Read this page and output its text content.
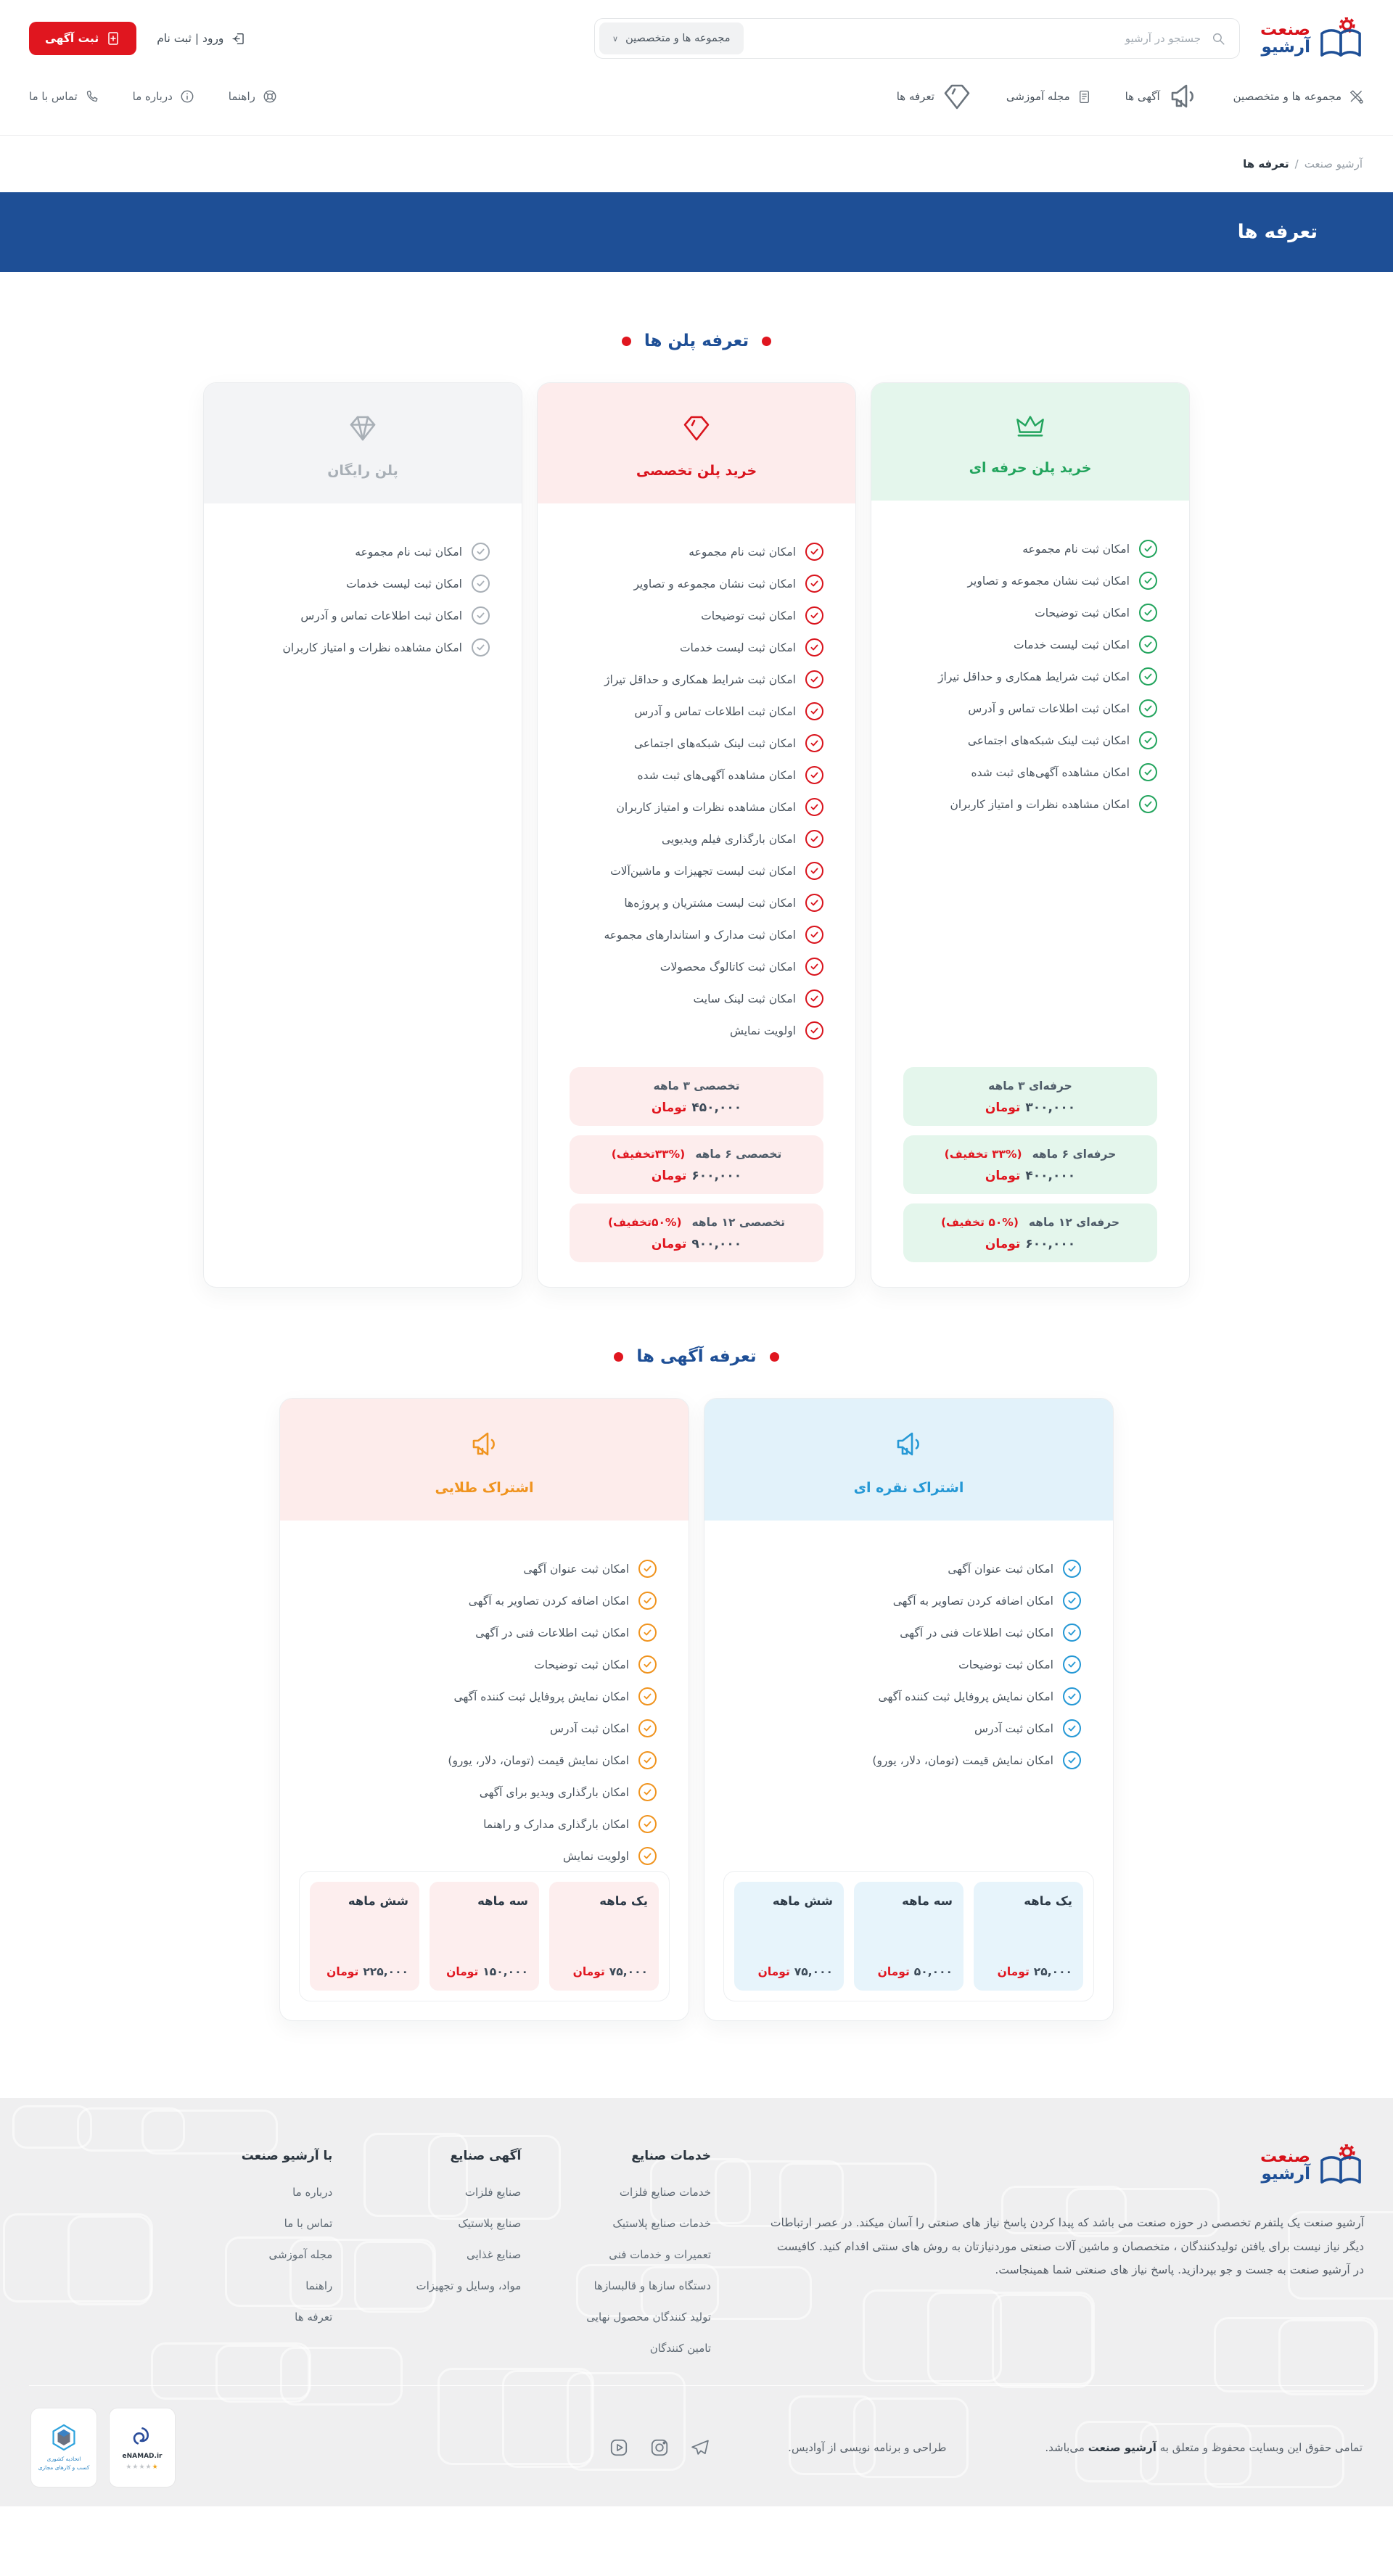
صنعت
آرشیو
جستجو در آرشیو
مجموعه ها و متخصصین
∨
ورود | ثبت نام
ثبت آگهی
مجموعه ها و متخصصین
آگهی ها
مجله آموزشی
تعرفه ها
راهنما
درباره ما
تماس با ما
آرشیو صنعت
/
تعرفه ها
تعرفه ها
تعرفه پلن ها
خرید پلن حرفه ای
امکان ثبت نام مجموعه
امکان ثبت نشان مجموعه و تصاویر
امکان ثبت توضیحات
امکان ثبت لیست خدمات
امکان ثبت شرایط همکاری و حداقل تیراژ
امکان ثبت اطلاعات تماس و آدرس
امکان ثبت لینک شبکه‌های اجتماعی
امکان مشاهده آگهی‌های ثبت شده
امکان مشاهده نظرات و امتیاز کاربران
حرفه‌ای ۳ ماهه
۳۰۰,۰۰۰
تومان
حرفه‌ای ۶ ماهه
(۳۳% تخفیف)
۴۰۰,۰۰۰
تومان
حرفه‌ای ۱۲ ماهه
(۵۰% تخفیف)
۶۰۰,۰۰۰
تومان
خرید پلن تخصصی
امکان ثبت نام مجموعه
امکان ثبت نشان مجموعه و تصاویر
امکان ثبت توضیحات
امکان ثبت لیست خدمات
امکان ثبت شرایط همکاری و حداقل تیراژ
امکان ثبت اطلاعات تماس و آدرس
امکان ثبت لینک شبکه‌های اجتماعی
امکان مشاهده آگهی‌های ثبت شده
امکان مشاهده نظرات و امتیاز کاربران
امکان بارگذاری فیلم ویدیویی
امکان ثبت لیست تجهیزات و ماشین‌آلات
امکان ثبت لیست مشتریان و پروژه‌ها
امکان ثبت مدارک و استاندارهای مجموعه
امکان ثبت کاتالوگ محصولات
امکان ثبت لینک سایت
اولویت نمایش
تخصصی ۳ ماهه
۴۵۰,۰۰۰
تومان
تخصصی ۶ ماهه
(۳۳%تخفیف)
۶۰۰,۰۰۰
تومان
تخصصی ۱۲ ماهه
(۵۰%تخفیف)
۹۰۰,۰۰۰
تومان
پلن رایگان
امکان ثبت نام مجموعه
امکان ثبت لیست خدمات
امکان ثبت اطلاعات تماس و آدرس
امکان مشاهده نظرات و امتیاز کاربران
تعرفه آگهی ها
اشتراک نقره ای
امکان ثبت عنوان آگهی
امکان اضافه کردن تصاویر به آگهی
امکان ثبت اطلاعات فنی در آگهی
امکان ثبت توضیحات
امکان نمایش پروفایل ثبت کننده آگهی
امکان ثبت آدرس
امکان نمایش قیمت (تومان، دلار، یورو)
یک ماهه
۲۵,۰۰۰
تومان
سه ماهه
۵۰,۰۰۰
تومان
شش ماهه
۷۵,۰۰۰
تومان
اشتراک طلایی
امکان ثبت عنوان آگهی
امکان اضافه کردن تصاویر به آگهی
امکان ثبت اطلاعات فنی در آگهی
امکان ثبت توضیحات
امکان نمایش پروفایل ثبت کننده آگهی
امکان ثبت آدرس
امکان نمایش قیمت (تومان، دلار، یورو)
امکان بارگذاری ویدیو برای آگهی
امکان بارگذاری مدارک و راهنما
اولویت نمایش
یک ماهه
۷۵,۰۰۰
تومان
سه ماهه
۱۵۰,۰۰۰
تومان
شش ماهه
۲۲۵,۰۰۰
تومان
صنعت
آرشیو

آرشیو صنعت یک پلتفرم تخصصی در حوزه صنعت می باشد که پیدا کردن پاسخ نیاز های صنعتی را آسان میکند. در عصر ارتباطات دیگر نیاز نیست برای یافتن تولیدکنندگان ، متخصصان و ماشین آلات صنعتی موردنیازتان به روش های سنتی اقدام کنید. کافیست در آرشیو صنعت به جست و جو بپردازید. پاسخ نیاز های صنعتی شما همینجاست.

خدمات صنایع
خدمات صنایع فلزات
خدمات صنایع پلاستیک
تعمیرات و خدمات فنی
دستگاه سازها و قالبسازها
تولید کنندگان محصول نهایی
تامین کنندگان
آگهی صنایع
صنایع فلزات
صنایع پلاستیک
صنایع غذایی
مواد، وسایل و تجهیزات
با آرشیو صنعت
درباره ما
تماس با ما
مجله آموزشی
راهنما
تعرفه ها
تمامی حقوق این وبسایت محفوظ و متعلق به آرشیو صنعت می‌باشد.
طراحی و برنامه نویسی از آوادیس.
eNAMAD.ir
★★★★★
اتحادیه کشوری
کسب و کارهای مجازی
